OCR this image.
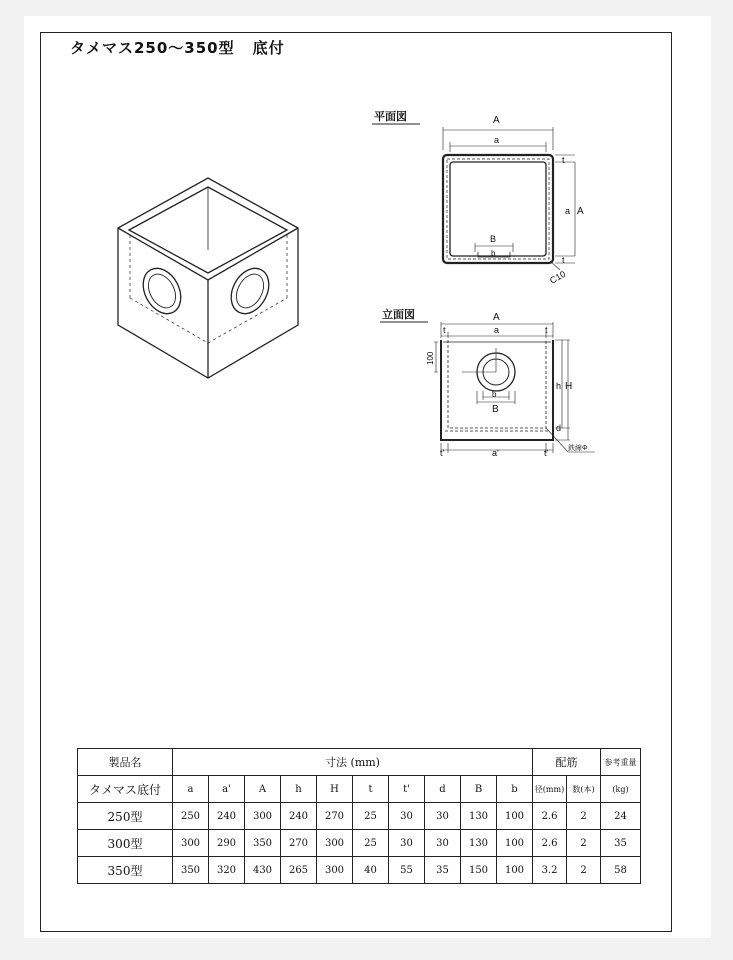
タメマス250～350型 底付
平面図	A
a
t
t
a A
B
b
C10
立面図	A
a
t	t
100
b
B
h H
d
t'	a'	t'	鉄線Φ
製品名	寸法 (mm)										配筋		参考重量
タメマス底付	a	a'	A	h	H	t	t'	d	B	b	径(mm)	数(本)	(kg)
250型	250	240	300	240	270	25	30	30	130	100	2.6	2	24
300型	300	290	350	270	300	25	30	30	130	100	2.6	2	35
350型	350	320	430	265	300	40	55	35	150	100	3.2	2	58
